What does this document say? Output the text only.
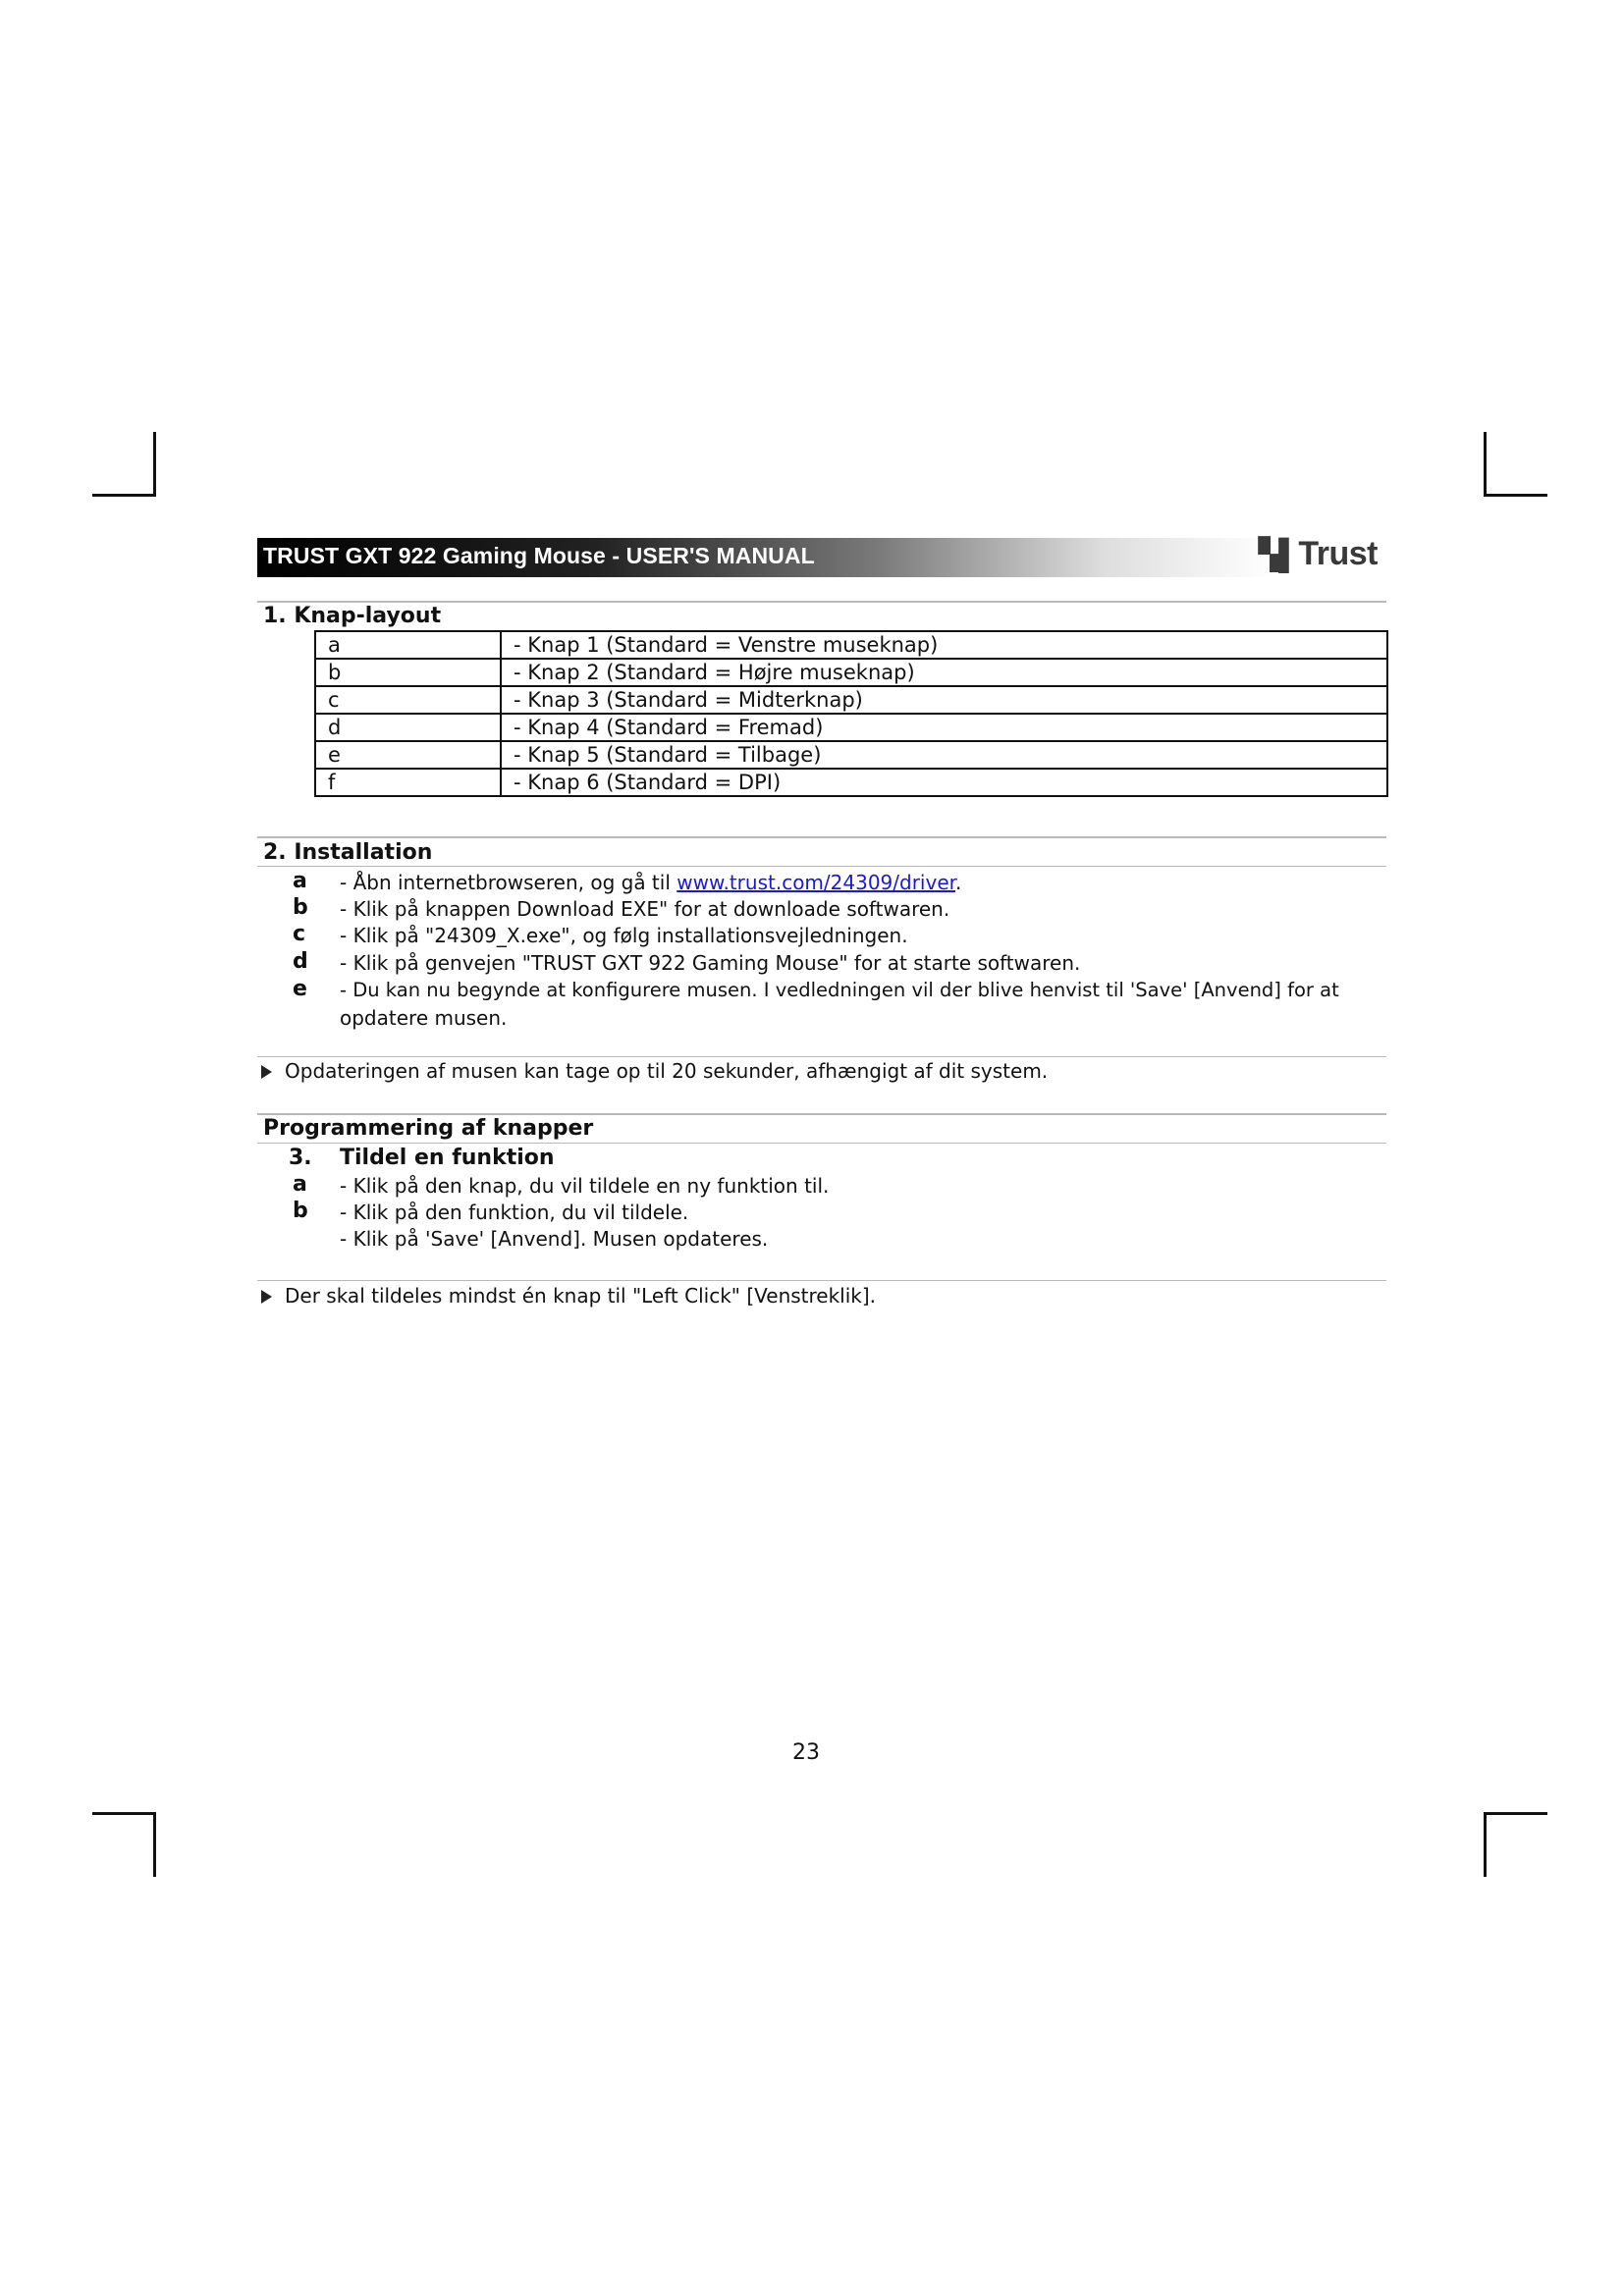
TRUST GXT 922 Gaming Mouse - USER'S MANUAL	▚▌Trust
1. Knap-layout
a	- Knap 1 (Standard = Venstre museknap)
b	- Knap 2 (Standard = Højre museknap)
c	- Knap 3 (Standard = Midterknap)
d	- Knap 4 (Standard = Fremad)
e	- Knap 5 (Standard = Tilbage)
f	- Knap 6 (Standard = DPI)
2. Installation
a - Åbn internetbrowseren, og gå til www.trust.com/24309/driver.
b - Klik på knappen Download EXE" for at downloade softwaren.
c - Klik på "24309_X.exe", og følg installationsvejledningen.
d - Klik på genvejen "TRUST GXT 922 Gaming Mouse" for at starte softwaren.
e - Du kan nu begynde at konfigurere musen. I vedledningen vil der blive henvist til 'Save' [Anvend] for at
opdatere musen.
Opdateringen af musen kan tage op til 20 sekunder, afhængigt af dit system.
Programmering af knapper
3. Tildel en funktion
a - Klik på den knap, du vil tildele en ny funktion til.
b - Klik på den funktion, du vil tildele.
- Klik på 'Save' [Anvend]. Musen opdateres.
Der skal tildeles mindst én knap til "Left Click" [Venstreklik].
23
